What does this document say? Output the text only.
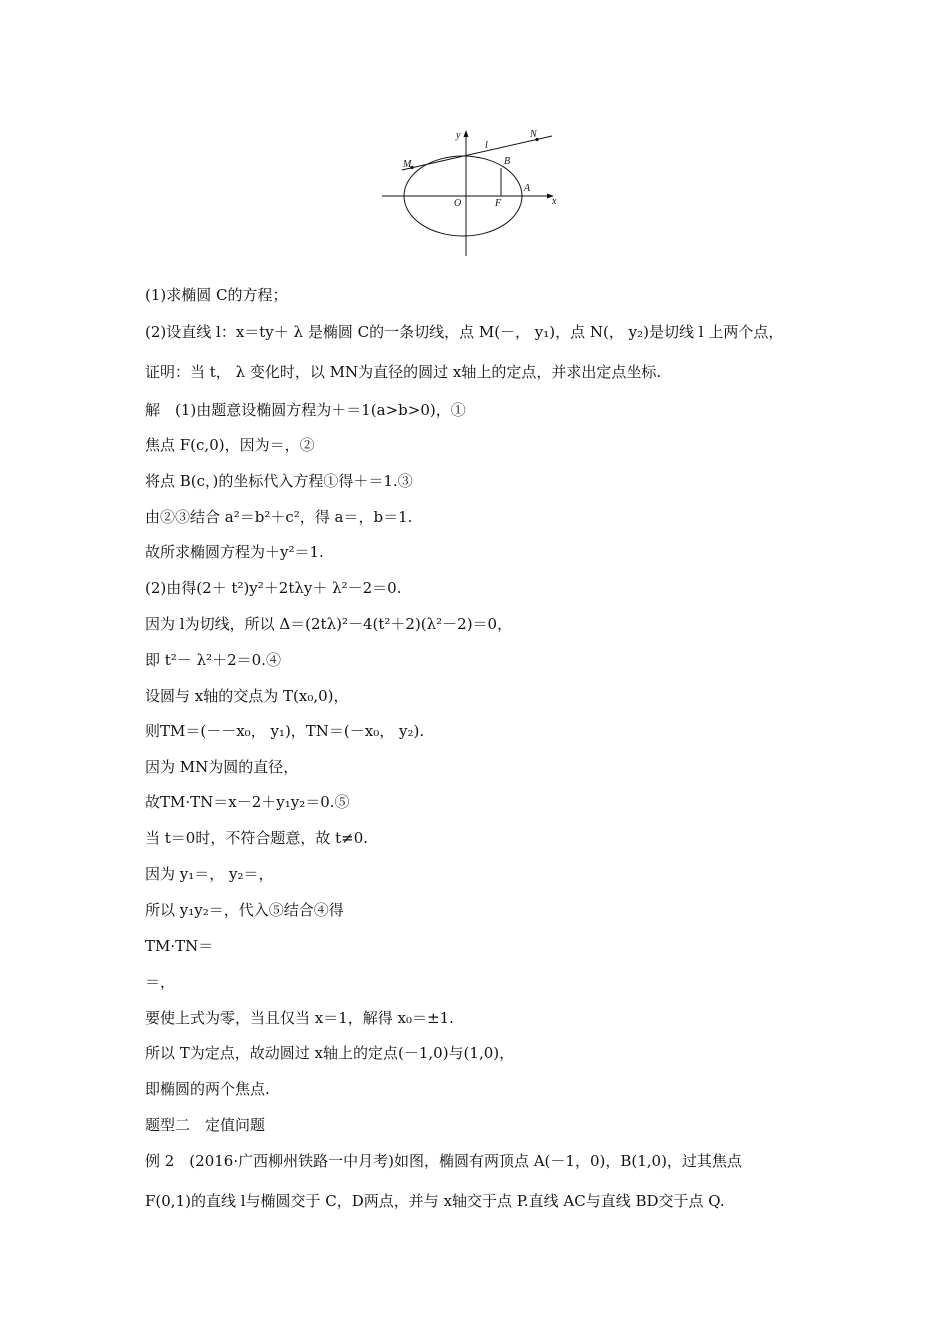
y
x
l
N
M	B
A
O	F
(1)求椭圆 C的方程；
(2)设直线 l：x＝ty＋ λ 是椭圆 C的一条切线，点 M(－， y₁)，点 N(， y₂)是切线 l 上两个点，
证明：当 t， λ 变化时，以 MN为直径的圆过 x轴上的定点，并求出定点坐标.
解　(1)由题意设椭圆方程为＋＝1(a>b>0)，①
焦点 F(c,0)，因为＝，②
将点 B(c，)的坐标代入方程①得＋＝1.③
由②③结合 a²＝b²＋c²，得 a＝，b＝1.
故所求椭圆方程为＋y²＝1.
(2)由得(2＋ t²)y²＋2tλy＋ λ²－2＝0.
因为 l为切线，所以 Δ＝(2tλ)²－4(t²＋2)(λ²－2)＝0，
即 t²－ λ²＋2＝0.④
设圆与 x轴的交点为 T(x₀,0)，
则TM＝(－－x₀， y₁)，TN＝(－x₀， y₂).
因为 MN为圆的直径，
故TM·TN＝x－2＋y₁y₂＝0.⑤
当 t＝0时，不符合题意，故 t≠0.
因为 y₁＝， y₂＝，
所以 y₁y₂＝，代入⑤结合④得
TM·TN＝
＝，
要使上式为零，当且仅当 x＝1，解得 x₀＝±1.
所以 T为定点，故动圆过 x轴上的定点(－1,0)与(1,0)，
即椭圆的两个焦点.
题型二　定值问题
例 2　(2016·广西柳州铁路一中月考)如图，椭圆有两顶点 A(－1，0)，B(1,0)，过其焦点
F(0,1)的直线 l与椭圆交于 C，D两点，并与 x轴交于点 P.直线 AC与直线 BD交于点 Q.
